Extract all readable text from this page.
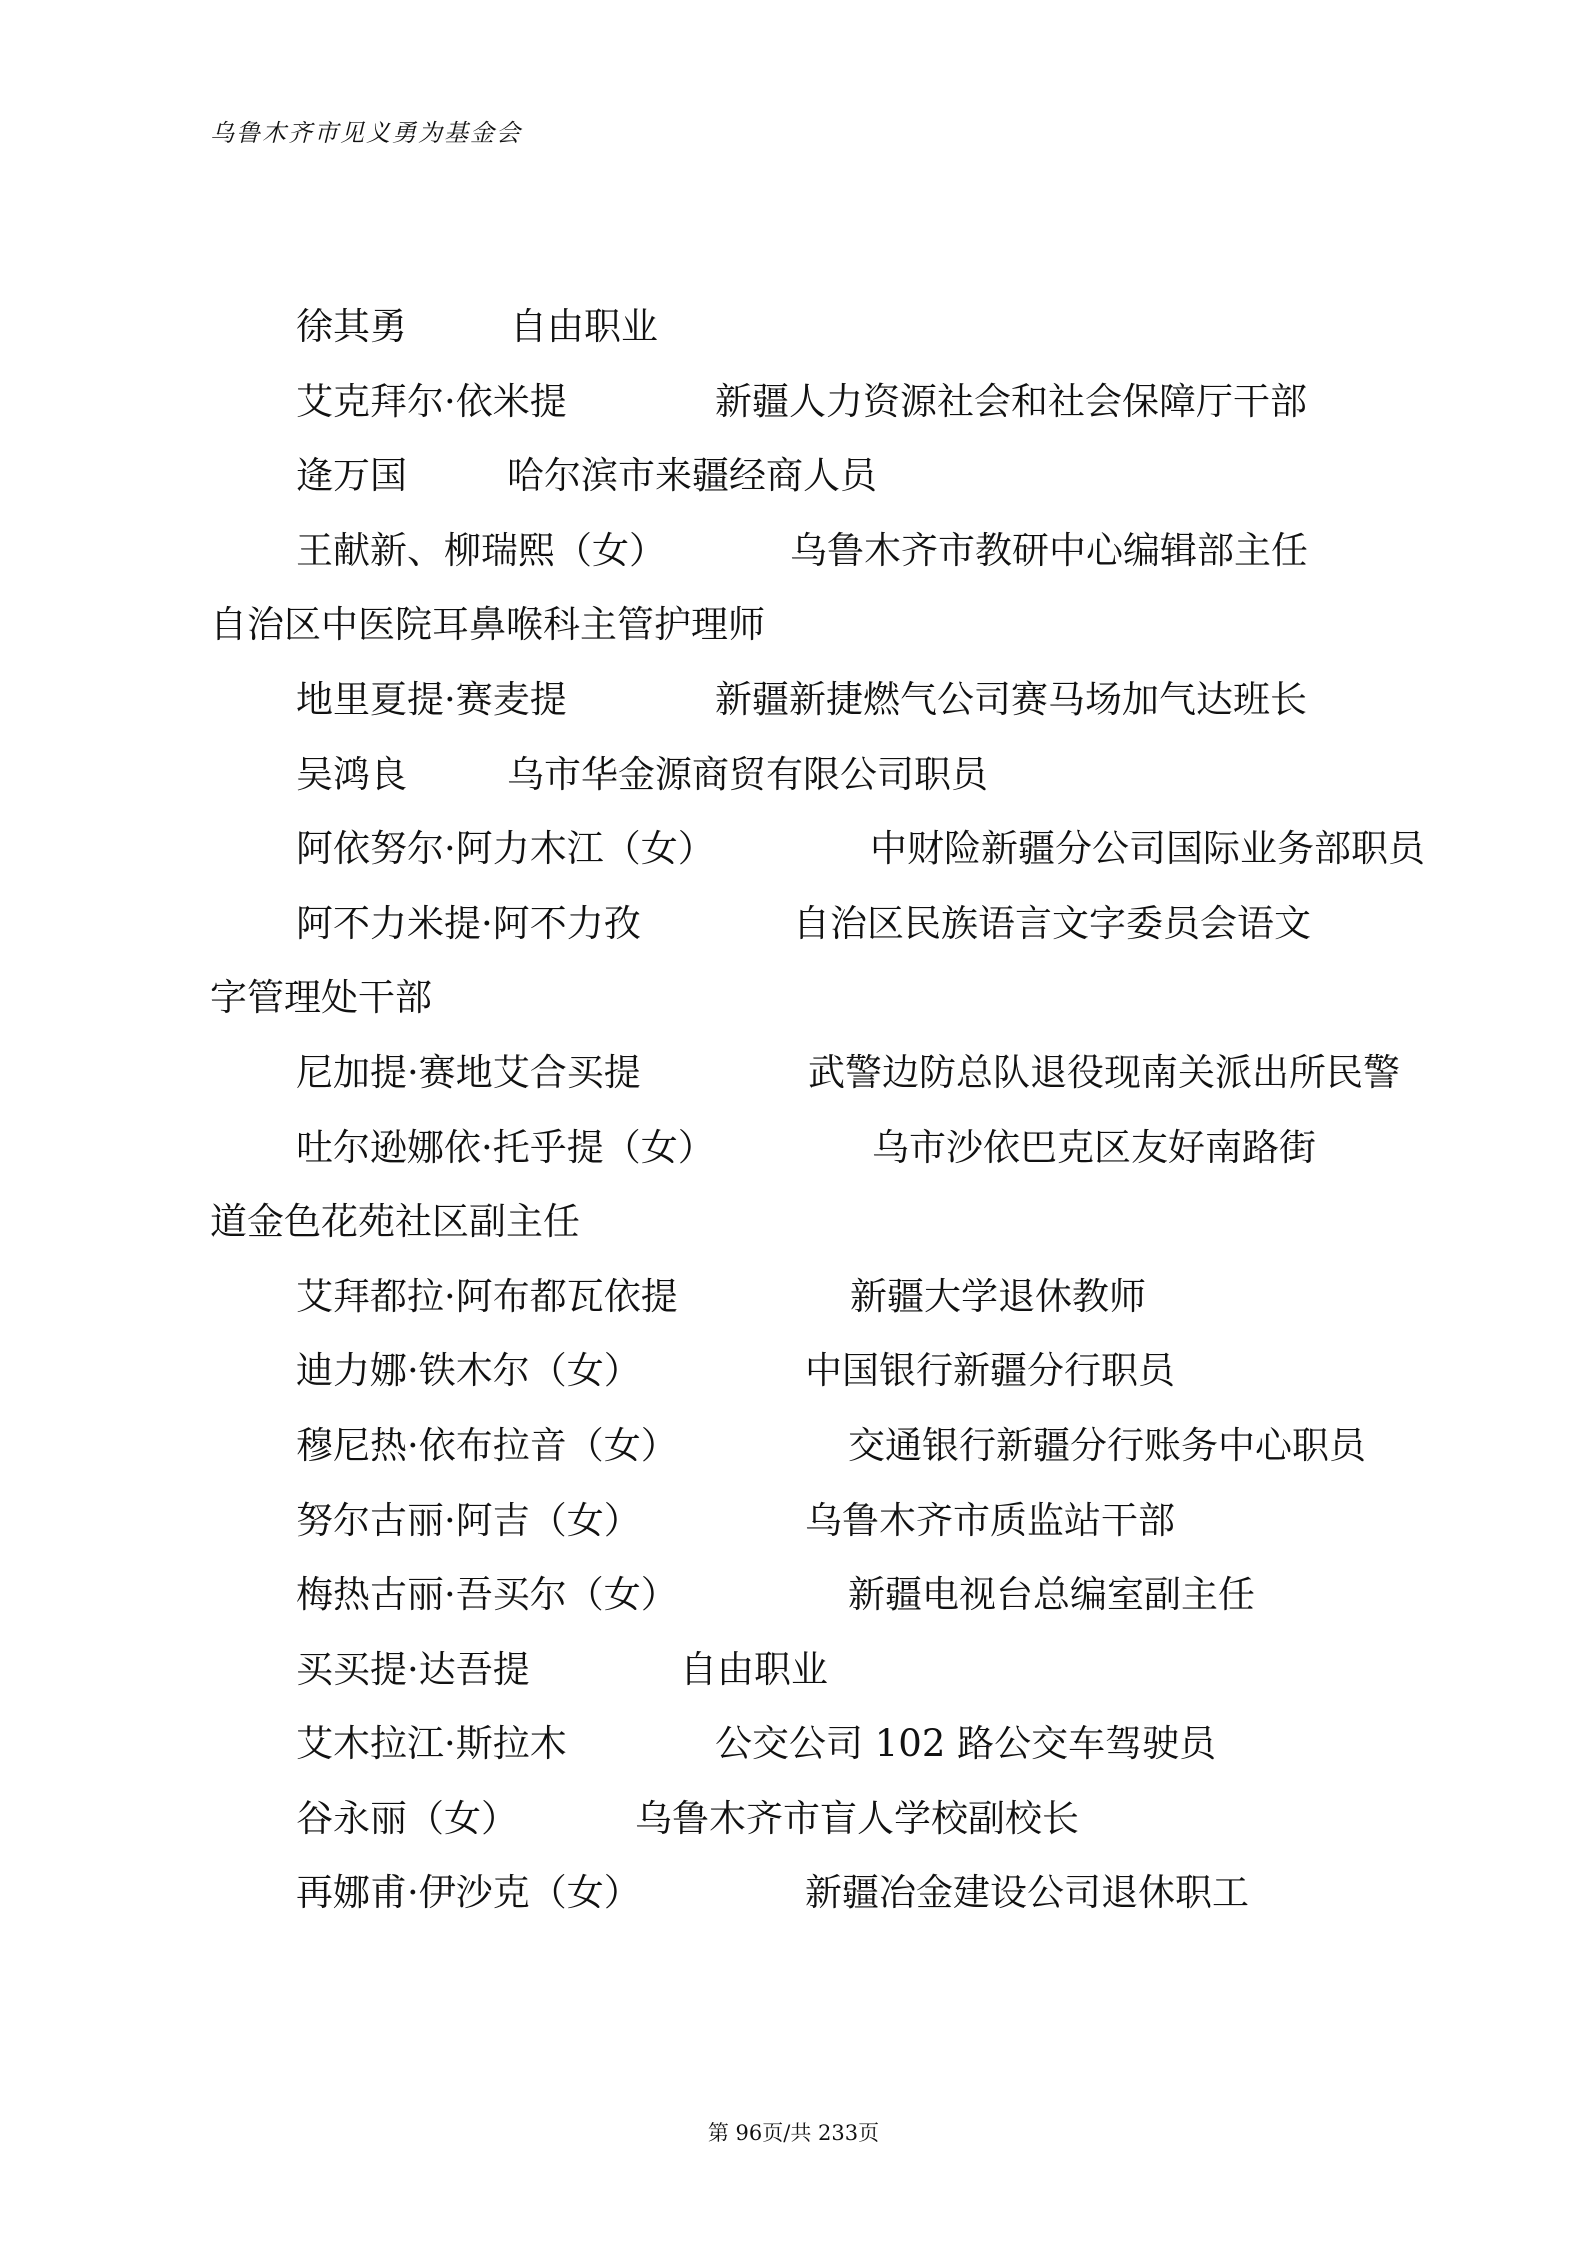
乌鲁木齐市见义勇为基金会
徐其勇	自由职业
艾克拜尔·依米提	新疆人力资源社会和社会保障厅干部
逄万国	哈尔滨市来疆经商人员
王献新、柳瑞熙（女）	乌鲁木齐市教研中心编辑部主任
自治区中医院耳鼻喉科主管护理师
地里夏提·赛麦提	新疆新捷燃气公司赛马场加气达班长
吴鸿良	乌市华金源商贸有限公司职员
阿依努尔·阿力木江（女）	中财险新疆分公司国际业务部职员
阿不力米提·阿不力孜	自治区民族语言文字委员会语文
字管理处干部
尼加提·赛地艾合买提	武警边防总队退役现南关派出所民警
吐尔逊娜依·托乎提（女）	乌市沙依巴克区友好南路街
道金色花苑社区副主任
艾拜都拉·阿布都瓦依提	新疆大学退休教师
迪力娜·铁木尔（女）	中国银行新疆分行职员
穆尼热·依布拉音（女）	交通银行新疆分行账务中心职员
努尔古丽·阿吉（女）	乌鲁木齐市质监站干部
梅热古丽·吾买尔（女）	新疆电视台总编室副主任
买买提·达吾提	自由职业
艾木拉江·斯拉木	公交公司 102 路公交车驾驶员
谷永丽（女）	乌鲁木齐市盲人学校副校长
再娜甫·伊沙克（女）	新疆冶金建设公司退休职工
第 96页/共 233页
